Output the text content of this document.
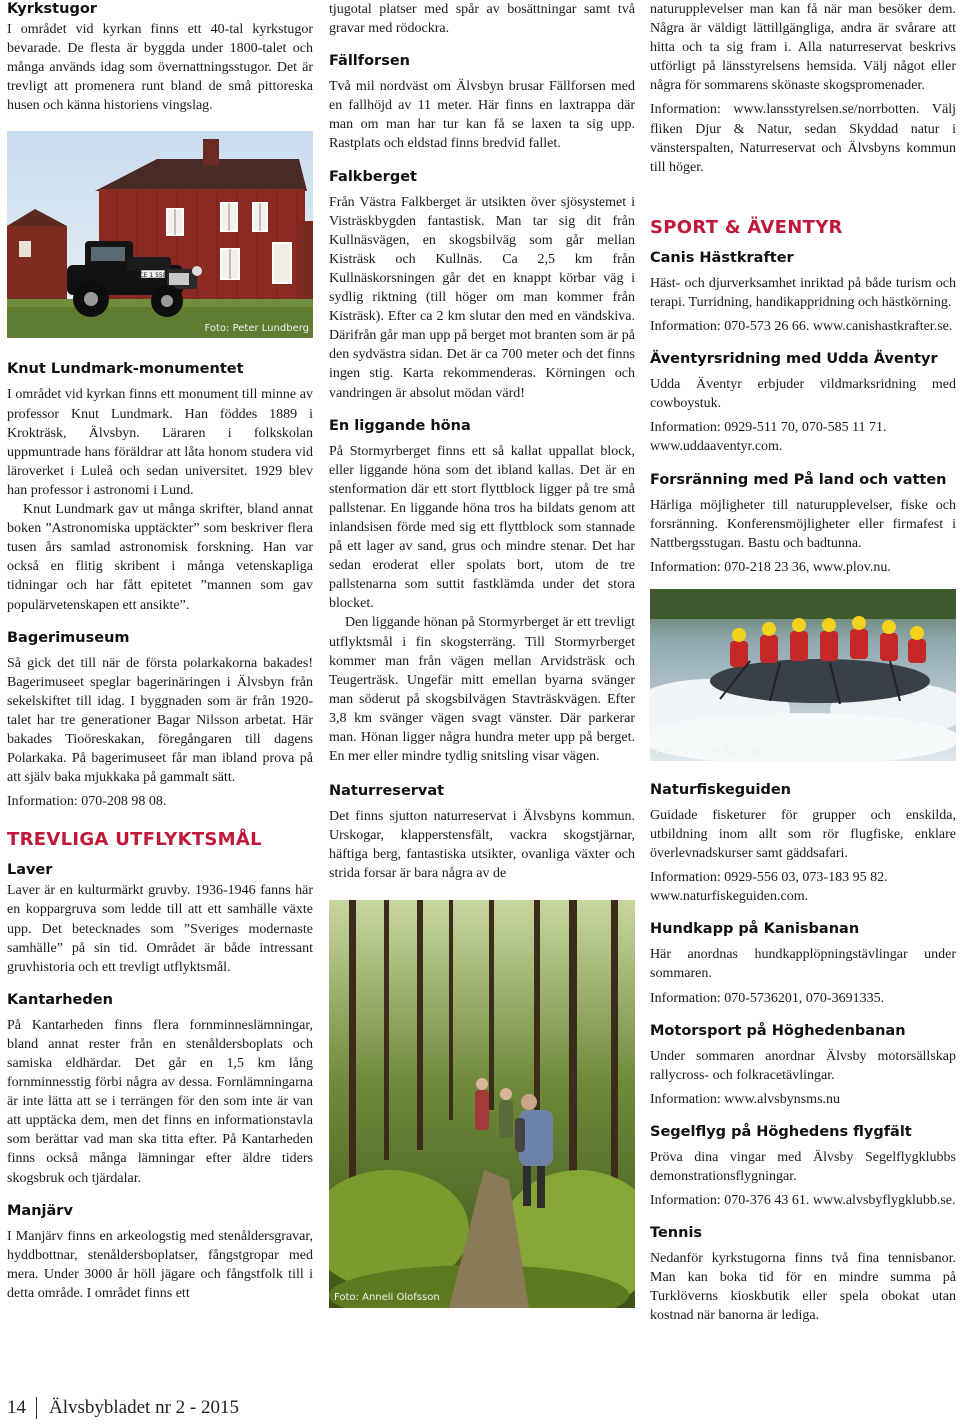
Kyrkstugor

I området vid kyrkan finns ett 40-tal kyrkstugor bevarade. De flesta är byggda under 1800-talet och många används idag som övernattningsstugor. Det är trevligt att promenera runt bland de små pittoreska husen och känna historiens vingslag.

CE 1 558
Foto: Peter Lundberg
Knut Lundmark-monumentet

I området vid kyrkan finns ett monument till minne av professor Knut Lundmark. Han föddes 1889 i Krokträsk, Älvsbyn. Läraren i folkskolan uppmuntrade hans föräldrar att låta honom studera vid läroverket i Luleå och sedan universitet. 1929 blev han professor i astronomi i Lund.

Knut Lundmark gav ut många skrifter, bland annat boken ”Astronomiska upptäckter” som beskriver flera tusen års samlad astronomisk forskning. Han var också en flitig skribent i många vetenskapliga tidningar och har fått epitetet ”mannen som gav populärvetenskapen ett ansikte”.

Bagerimuseum

Så gick det till när de första polarkakorna bakades! Bagerimuseet speglar bagerinäringen i Älvsbyn från sekelskiftet till idag. I byggnaden som är från 1920-talet har tre generationer Bagar Nilsson arbetat. Här bakades Tioöreskakan, föregångaren till dagens Polarkaka. På bagerimuseet får man ibland prova på att själv baka mjukkaka på gammalt sätt.

Information: 070-208 98 08.

TREVLIGA UTFLYKTSMÅL
Laver

Laver är en kulturmärkt gruvby. 1936-1946 fanns här en koppargruva som ledde till att ett samhälle växte upp. Det betecknades som ”Sveriges modernaste samhälle” på sin tid. Området är både intressant gruvhistoria och ett trevligt utflyktsmål.

Kantarheden

På Kantarheden finns flera fornminneslämningar, bland annat rester från en stenåldersboplats och samiska eldhärdar. Det går en 1,5 km lång fornminnesstig förbi några av dessa. Fornlämningarna är inte lätta att se i terrängen för den som inte är van att upptäcka dem, men det finns en informationstavla som berättar vad man ska titta efter. På Kantarheden finns också många lämningar efter äldre tiders skogsbruk och tjärdalar.

Manjärv

I Manjärv finns en arkeologstig med stenåldersgravar, hyddbottnar, stenåldersboplatser, fångstgropar med mera. Under 3000 år höll jägare och fångstfolk till i detta område. I området finns ett

tjugotal platser med spår av bosättningar samt två gravar med rödockra.

Fällforsen

Två mil nordväst om Älvsbyn brusar Fällforsen med en fallhöjd av 11 meter. Här finns en laxtrappa där man om man har tur kan få se laxen ta sig upp. Rastplats och eldstad finns bredvid fallet.

Falkberget

Från Västra Falkberget är utsikten över sjösystemet i Visträskbygden fantastisk. Man tar sig dit från Kullnäsvägen, en skogsbilväg som går mellan Kisträsk och Kullnäs. Ca 2,5 km från Kullnäskorsningen går det en knappt körbar väg i sydlig riktning (till höger om man kommer från Kisträsk). Efter ca 2 km slutar den med en vändskiva. Därifrån går man upp på berget mot branten som är på den sydvästra sidan. Det är ca 700 meter och det finns ingen stig. Karta rekommenderas. Körningen och vandringen är absolut mödan värd!

En liggande höna

På Stormyrberget finns ett så kallat uppallat block, eller liggande höna som det ibland kallas. Det är en stenformation där ett stort flyttblock ligger på tre små pallstenar. En liggande höna tros ha bildats genom att inlandsisen förde med sig ett flyttblock som stannade på ett lager av sand, grus och mindre stenar. Det har sedan eroderat eller spolats bort, utom de tre pallstenarna som suttit fastklämda under det stora blocket.

Den liggande hönan på Stormyrberget är ett trevligt utflyktsmål i fin skogsterräng. Till Stormyrberget kommer man från vägen mellan Arvidsträsk och Teugerträsk. Ungefär mitt emellan byarna svänger man söderut på skogsbilvägen Stavträskvägen. Efter 3,8 km svänger vägen svagt vänster. Där parkerar man. Hönan ligger några hundra meter upp på berget. En mer eller mindre tydlig snitsling visar vägen.

Naturreservat

Det finns sjutton naturreservat i Älvsbyns kommun. Urskogar, klapperstensfält, vackra skogstjärnar, häftiga berg, fantastiska utsikter, ovanliga växter och strida forsar är bara några av de

Foto: Anneli Olofsson

naturupplevelser man kan få när man besöker dem. Några är väldigt lättillgängliga, andra är svårare att hitta och ta sig fram i. Alla naturreservat beskrivs utförligt på länsstyrelsens hemsida. Välj något eller några för sommarens skönaste skogspromenader.

Information: www.lansstyrelsen.se/norrbotten. Välj fliken Djur & Natur, sedan Skyddad natur i vänsterspalten, Naturreservat och Älvsbyns kommun till höger.

SPORT & ÄVENTYR
Canis Hästkrafter

Häst- och djurverksamhet inriktad på både turism och terapi. Turridning, handikappridning och hästkörning.

Information: 070-573 26 66. www.canishastkrafter.se.

Äventyrsridning med Udda Äventyr

Udda Äventyr erbjuder vildmarksridning med cowboystuk.

Information: 0929-511 70, 070-585 11 71. www.uddaaventyr.com.

Forsränning med På land och vatten

Härliga möjligheter till naturupplevelser, fiske och forsränning. Konferensmöjligheter eller firmafest i Nattbergsstugan. Bastu och badtunna.

Information: 070-218 23 36, www.plov.nu.

Foto: Victoria Karrman
Naturfiskeguiden

Guidade fisketurer för grupper och enskilda, utbildning inom allt som rör flugfiske, enklare överlevnadskurser samt gäddsafari.

Information: 0929-556 03, 073-183 95 82. www.naturfiskeguiden.com.

Hundkapp på Kanisbanan

Här anordnas hundkapplöpningstävlingar under sommaren.

Information: 070-5736201, 070-3691335.

Motorsport på Höghedenbanan

Under sommaren anordnar Älvsby motorsällskap rallycross- och folkracetävlingar.

Information: www.alvsbynsms.nu

Segelflyg på Höghedens flygfält

Pröva dina vingar med Älvsby Segelflygklubbs demonstrationsflygningar.

Information: 070-376 43 61. www.alvsbyflygklubb.se.

Tennis

Nedanför kyrkstugorna finns två fina tennisbanor. Man kan boka tid för en mindre summa på Turklöverns kioskbutik eller spela obokat utan kostnad när banorna är lediga.

14	Älvsbybladet nr 2 - 2015
